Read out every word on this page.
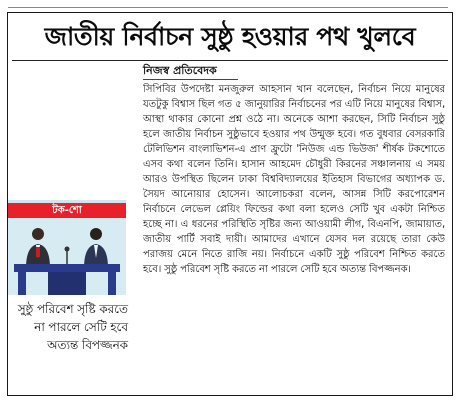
জাতীয় নির্বাচন সুষ্ঠু হওয়ার পথ খুলবে
নিজস্ব প্রতিবেদক
সিপিবির উপদেষ্টা মনজুরুল আহসান খান বলেছেন, নির্বাচন নিয়ে মানুষের যতটুকু বিশ্বাস ছিল গত ৫ জানুয়ারির নির্বাচনের পর এটি নিয়ে মানুষের বিশ্বাস, আস্থা থাকার কোনো প্রশ্ন ওঠে না। অনেকে আশা করছেন, সিটি নির্বাচন সুষ্ঠু হলে জাতীয় নির্বাচন সুষ্ঠুভাবে হওয়ার পথ উন্মুক্ত হবে। গত বুধবার বেসরকারি টেলিভিশন বাংলাভিশন-এ প্রাণ ফ্রুটো 'নিউজ এন্ড ভিউজ' শীর্ষক টকশোতে এসব কথা বলেন তিনি। হাসান আহমেদ চৌধুরী কিরনের সঞ্চালনায় এ সময় আরও উপস্থিত ছিলেন ঢাকা বিশ্ববিদ্যালয়ের ইতিহাস বিভাগের অধ্যাপক ড. সৈয়দ আনোয়ার হোসেন। আলোচকরা বলেন, আসন্ন সিটি করপোরেশন নির্বাচনে লেভেল প্লেয়িং ফিল্ডের কথা বলা হলেও সেটি খুব একটা নিশ্চিত হচ্ছে না। এ ধরনের পরিস্থিতি সৃষ্টির জন্য আওয়ামী লীগ, বিএনপি, জামায়াত, জাতীয় পার্টি সবাই দায়ী। আমাদের এখানে যেসব দল রয়েছে তারা কেউ পরাজয় মেনে নিতে রাজি নয়। নির্বাচনে একটি সুষ্ঠু পরিবেশ নিশ্চিত করতে হবে। সুষ্ঠু পরিবেশ সৃষ্টি করতে না পারলে সেটি হবে অত্যন্ত বিপজ্জনক।
টক-শো
সুষ্ঠু পরিবেশ সৃষ্টি করতে না পারলে সেটি হবে অত্যন্ত বিপজ্জনক
